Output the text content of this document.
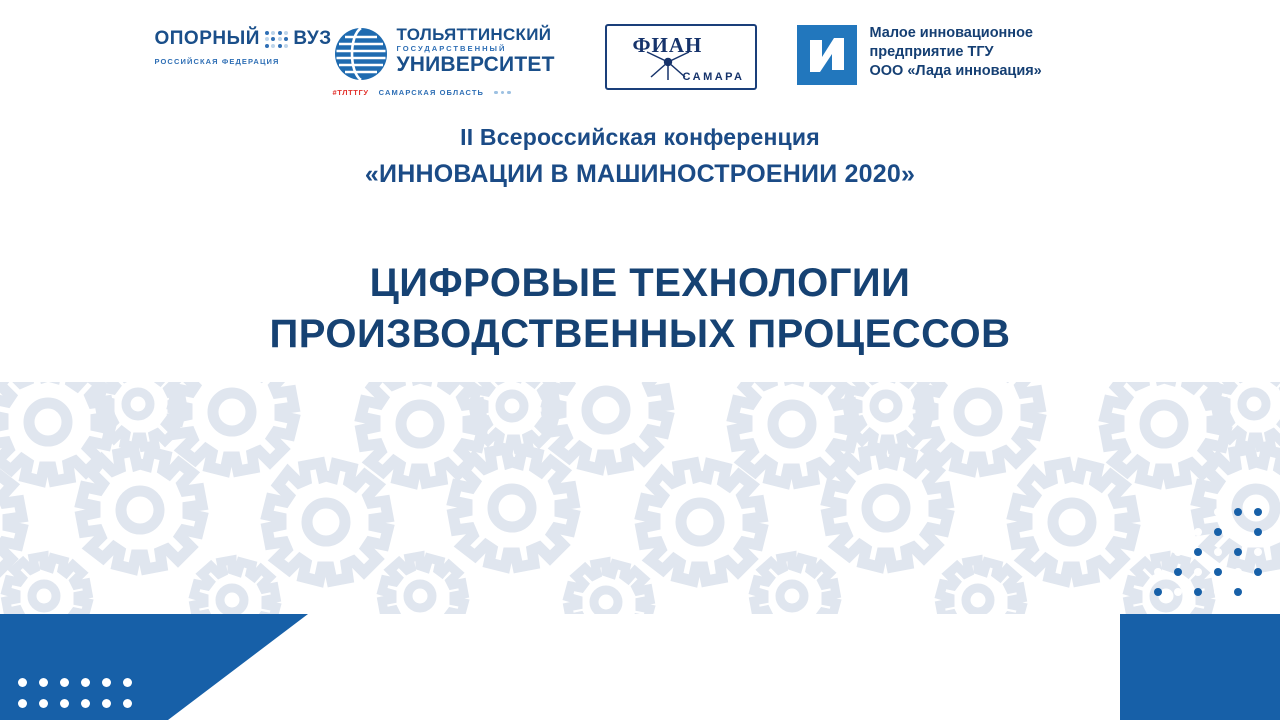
ОПОРНЫЙ ВУЗ
РОССИЙСКАЯ ФЕДЕРАЦИЯ
ТОЛЬЯТТИНСКИЙ
ГОСУДАРСТВЕННЫЙ
УНИВЕРСИТЕТ
#ТЛТТГУ САМАРСКАЯ ОБЛАСТЬ
ФИАН
САМАРА
Малое инновационное
предприятие ТГУ
ООО «Лада инновация»
II Всероссийская конференция
«ИННОВАЦИИ В МАШИНОСТРОЕНИИ 2020»
ЦИФРОВЫЕ ТЕХНОЛОГИИ
ПРОИЗВОДСТВЕННЫХ ПРОЦЕССОВ
